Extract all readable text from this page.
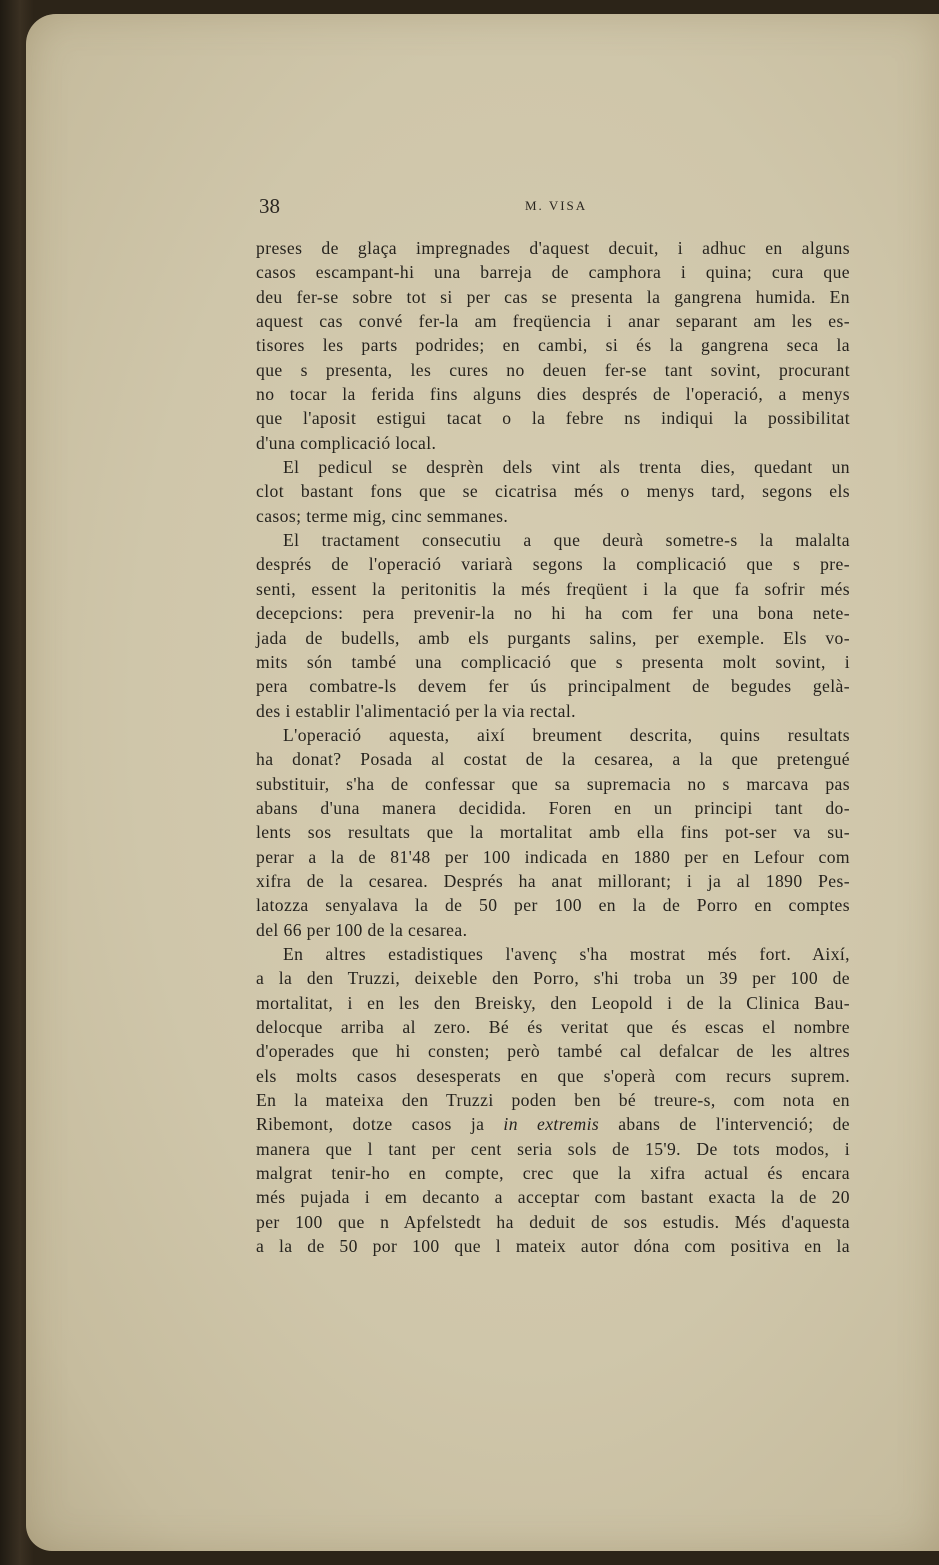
38	M. VISA
preses de glaça impregnades d'aquest decuit, i adhuc en alguns
casos escampant-hi una barreja de camphora i quina; cura que
deu fer-se sobre tot si per cas se presenta la gangrena humida. En
aquest cas convé fer-la am freqüencia i anar separant am les es-
tisores les parts podrides; en cambi, si és la gangrena seca la
que s presenta, les cures no deuen fer-se tant sovint, procurant
no tocar la ferida fins alguns dies després de l'operació, a menys
que l'aposit estigui tacat o la febre ns indiqui la possibilitat
d'una complicació local.
El pedicul se desprèn dels vint als trenta dies, quedant un
clot bastant fons que se cicatrisa més o menys tard, segons els
casos; terme mig, cinc semmanes.
El tractament consecutiu a que deurà sometre-s la malalta
després de l'operació variarà segons la complicació que s pre-
senti, essent la peritonitis la més freqüent i la que fa sofrir més
decepcions: pera prevenir-la no hi ha com fer una bona nete-
jada de budells, amb els purgants salins, per exemple. Els vo-
mits són també una complicació que s presenta molt sovint, i
pera combatre-ls devem fer ús principalment de begudes gelà-
des i establir l'alimentació per la via rectal.
L'operació aquesta, així breument descrita, quins resultats
ha donat? Posada al costat de la cesarea, a la que pretengué
substituir, s'ha de confessar que sa supremacia no s marcava pas
abans d'una manera decidida. Foren en un principi tant do-
lents sos resultats que la mortalitat amb ella fins pot-ser va su-
perar a la de 81'48 per 100 indicada en 1880 per en Lefour com
xifra de la cesarea. Després ha anat millorant; i ja al 1890 Pes-
latozza senyalava la de 50 per 100 en la de Porro en comptes
del 66 per 100 de la cesarea.
En altres estadistiques l'avenç s'ha mostrat més fort. Així,
a la den Truzzi, deixeble den Porro, s'hi troba un 39 per 100 de
mortalitat, i en les den Breisky, den Leopold i de la Clinica Bau-
delocque arriba al zero. Bé és veritat que és escas el nombre
d'operades que hi consten; però també cal defalcar de les altres
els molts casos desesperats en que s'operà com recurs suprem.
En la mateixa den Truzzi poden ben bé treure-s, com nota en
Ribemont, dotze casos ja in extremis abans de l'intervenció; de
manera que l tant per cent seria sols de 15'9. De tots modos, i
malgrat tenir-ho en compte, crec que la xifra actual és encara
més pujada i em decanto a acceptar com bastant exacta la de 20
per 100 que n Apfelstedt ha deduit de sos estudis. Més d'aquesta
a la de 50 por 100 que l mateix autor dóna com positiva en la
